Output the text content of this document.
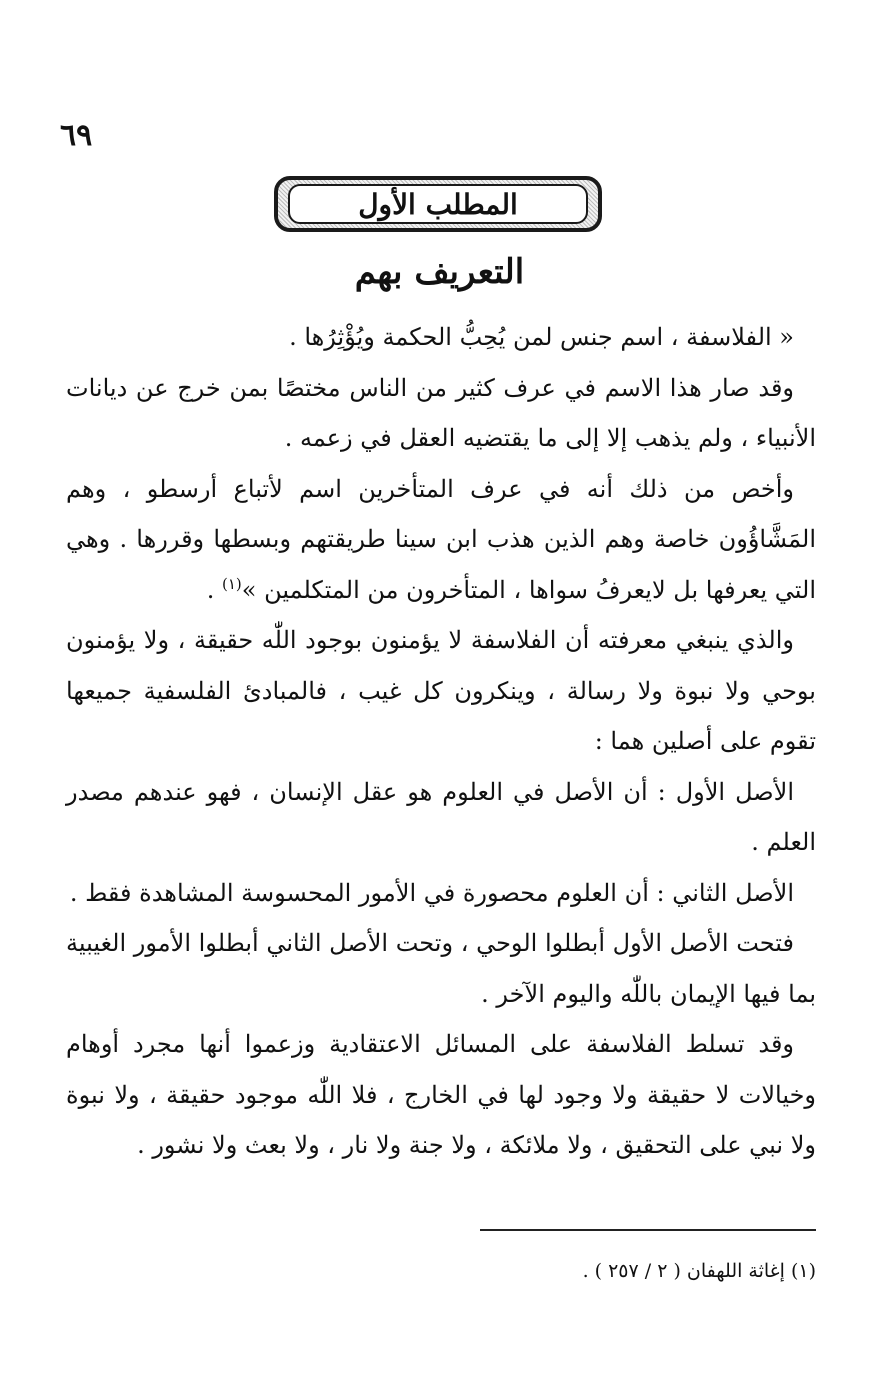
٦٩
المطلب الأول
التعريف بهم

« الفلاسفة ، اسم جنس لمن يُحِبُّ الحكمة ويُؤْثِرُها .

وقد صار هذا الاسم في عرف كثير من الناس مختصًا بمن خرج عن ديانات الأنبياء ، ولم يذهب إلا إلى ما يقتضيه العقل في زعمه .

وأخص من ذلك أنه في عرف المتأخرين اسم لأتباع أرسطو ، وهم المَشَّاؤُون خاصة وهم الذين هذب ابن سينا طريقتهم وبسطها وقررها . وهي التي يعرفها بل لايعرفُ سواها ، المتأخرون من المتكلمين »$^{(١)}$ .

والذي ينبغي معرفته أن الفلاسفة لا يؤمنون بوجود اللّٰه حقيقة ، ولا يؤمنون بوحي ولا نبوة ولا رسالة ، وينكرون كل غيب ، فالمبادئ الفلسفية جميعها تقوم على أصلين هما :

الأصل الأول : أن الأصل في العلوم هو عقل الإنسان ، فهو عندهم مصدر العلم .

الأصل الثاني : أن العلوم محصورة في الأمور المحسوسة المشاهدة فقط .

فتحت الأصل الأول أبطلوا الوحي ، وتحت الأصل الثاني أبطلوا الأمور الغيبية بما فيها الإيمان باللّٰه واليوم الآخر .

وقد تسلط الفلاسفة على المسائل الاعتقادية وزعموا أنها مجرد أوهام وخيالات لا حقيقة ولا وجود لها في الخارج ، فلا اللّٰه موجود حقيقة ، ولا نبوة ولا نبي على التحقيق ، ولا ملائكة ، ولا جنة ولا نار ، ولا بعث ولا نشور .

(١) إغاثة اللهفان ( ٢ / ٢٥٧ ) .
